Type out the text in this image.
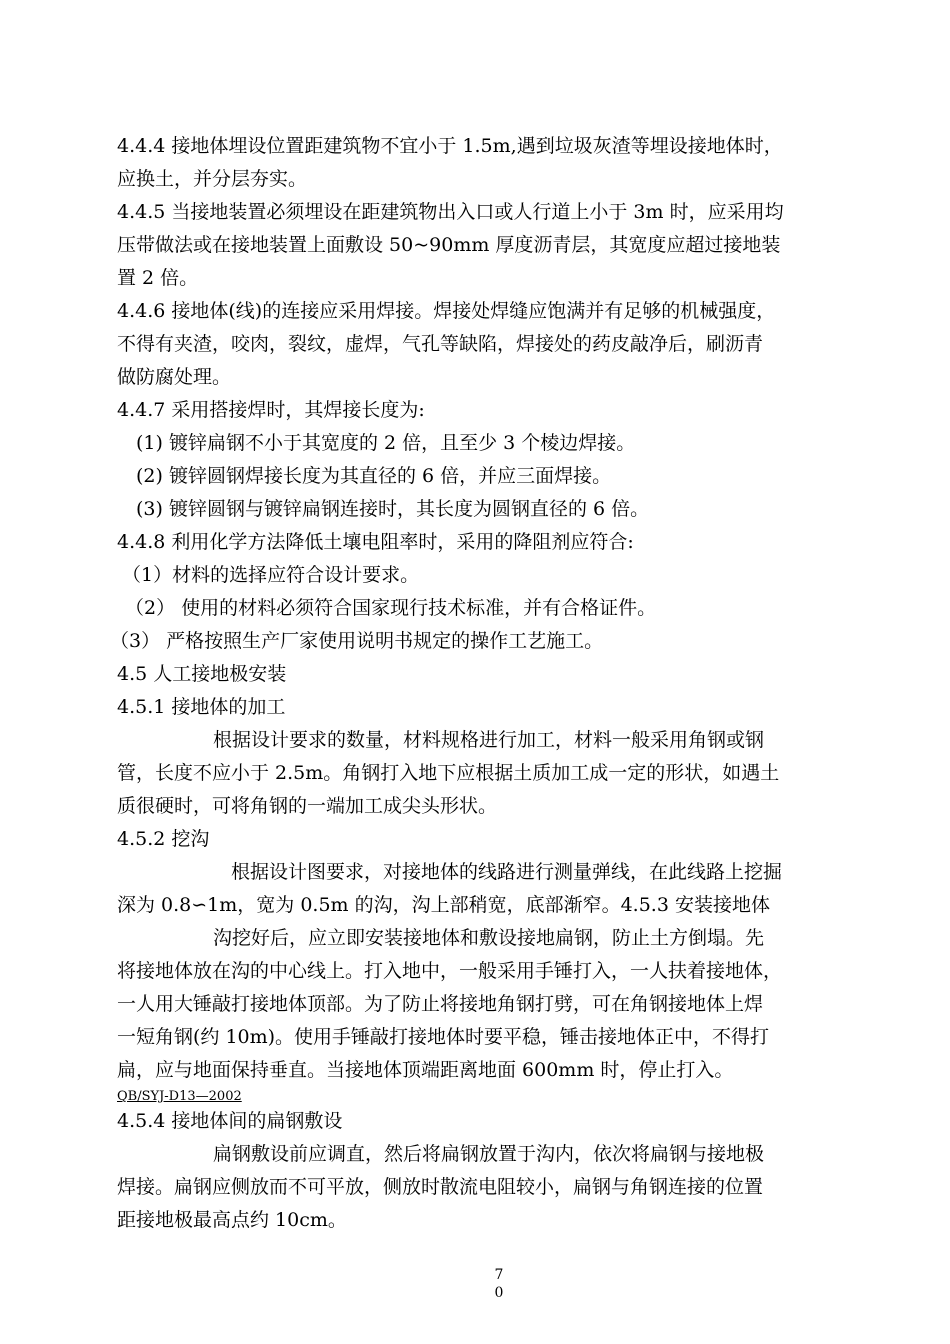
4.4.4 接地体埋设位置距建筑物不宜小于 1.5m,遇到垃圾灰渣等埋设接地体时，
应换土，并分层夯实。
4.4.5 当接地装置必须埋设在距建筑物出入口或人行道上小于 3m 时，应采用均
压带做法或在接地装置上面敷设 50~90mm 厚度沥青层，其宽度应超过接地装
置 2 倍。
4.4.6 接地体(线)的连接应采用焊接。焊接处焊缝应饱满并有足够的机械强度，
不得有夹渣，咬肉，裂纹，虚焊，气孔等缺陷，焊接处的药皮敲净后，刷沥青
做防腐处理。
4.4.7 采用搭接焊时，其焊接长度为:
(1) 镀锌扁钢不小于其宽度的 2 倍，且至少 3 个棱边焊接。
(2) 镀锌圆钢焊接长度为其直径的 6 倍，并应三面焊接。
(3) 镀锌圆钢与镀锌扁钢连接时，其长度为圆钢直径的 6 倍。
4.4.8 利用化学方法降低土壤电阻率时，采用的降阻剂应符合:
（1）材料的选择应符合设计要求。
（2） 使用的材料必须符合国家现行技术标准，并有合格证件。
（3） 严格按照生产厂家使用说明书规定的操作工艺施工。
4.5 人工接地极安装
4.5.1 接地体的加工
根据设计要求的数量，材料规格进行加工，材料一般采用角钢或钢
管，长度不应小于 2.5m。角钢打入地下应根据土质加工成一定的形状，如遇土
质很硬时，可将角钢的一端加工成尖头形状。
4.5.2 挖沟
根据设计图要求，对接地体的线路进行测量弹线，在此线路上挖掘
深为 0.8∽1m，宽为 0.5m 的沟，沟上部稍宽，底部渐窄。4.5.3 安装接地体
沟挖好后，应立即安装接地体和敷设接地扁钢，防止土方倒塌。先
将接地体放在沟的中心线上。打入地中，一般采用手锤打入，一人扶着接地体，
一人用大锤敲打接地体顶部。为了防止将接地角钢打劈，可在角钢接地体上焊
一短角钢(约 10m)。使用手锤敲打接地体时要平稳，锤击接地体正中，不得打
扁，应与地面保持垂直。当接地体顶端距离地面 600mm 时，停止打入。
QB/SYJ-D13—2002
4.5.4 接地体间的扁钢敷设
扁钢敷设前应调直，然后将扁钢放置于沟内，依次将扁钢与接地极
焊接。扁钢应侧放而不可平放，侧放时散流电阻较小，扁钢与角钢连接的位置
距接地极最高点约 10cm。
7
0
